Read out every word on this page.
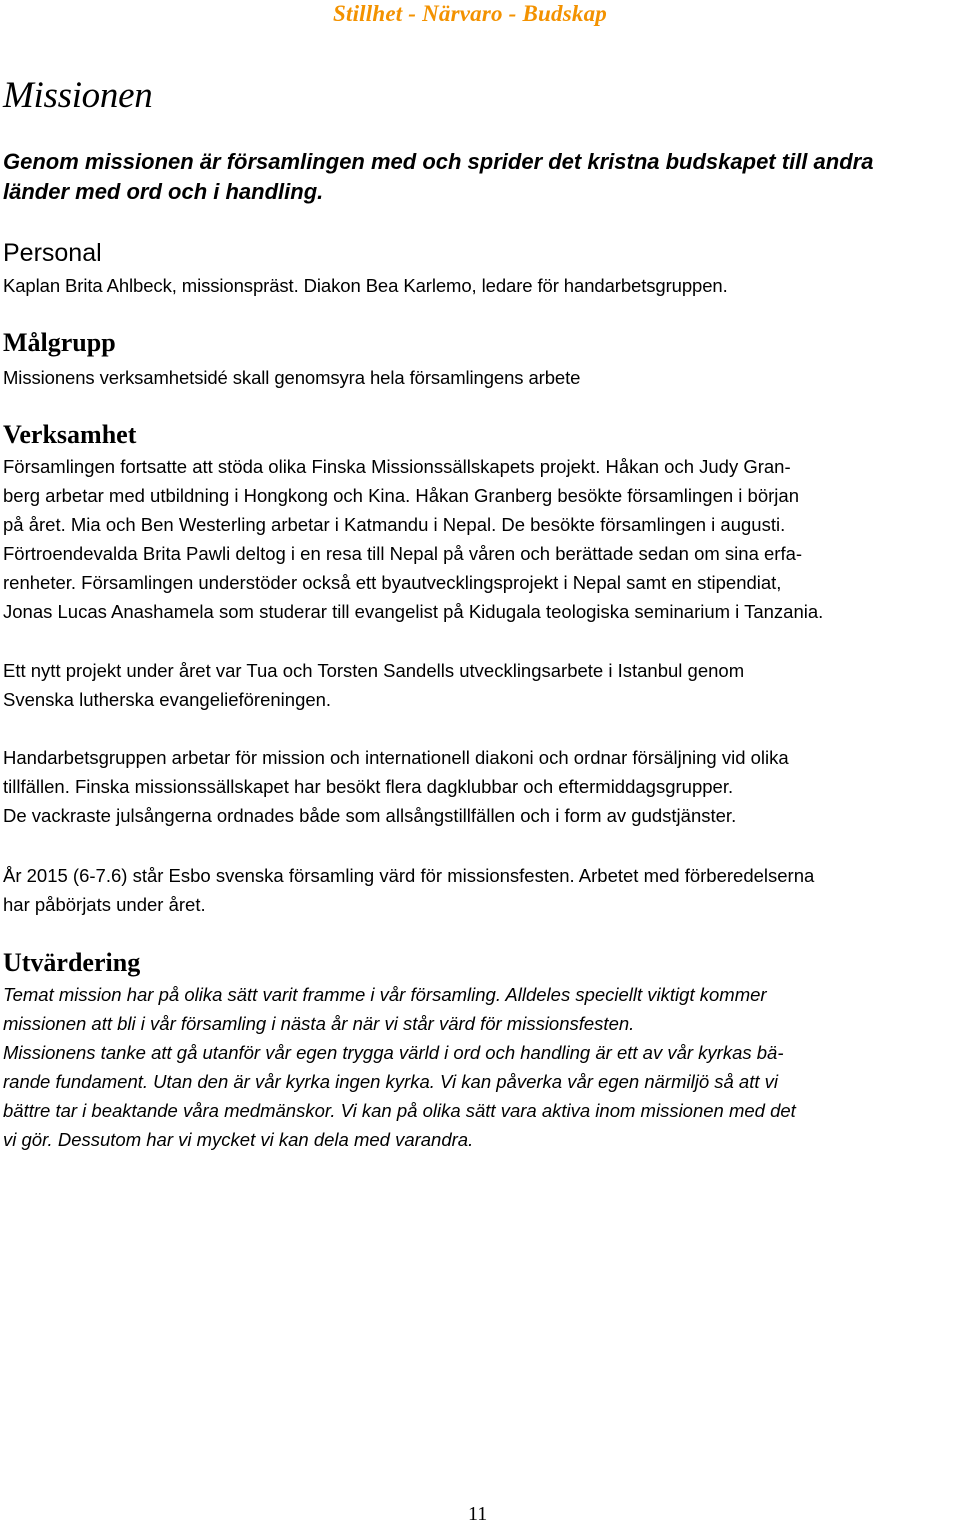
Stillhet - Närvaro - Budskap
Missionen
Genom missionen är församlingen med och sprider det kristna budskapet till andra
länder med ord och i handling.
Personal
Kaplan Brita Ahlbeck, missionspräst. Diakon Bea Karlemo, ledare för handarbetsgruppen.
Målgrupp
Missionens verksamhetsidé skall genomsyra hela församlingens arbete
Verksamhet
Församlingen fortsatte att stöda olika Finska Missionssällskapets projekt. Håkan och Judy Gran-
berg arbetar med utbildning i Hongkong och Kina. Håkan Granberg besökte församlingen i början
på året. Mia och Ben Westerling arbetar i Katmandu i Nepal. De besökte församlingen i augusti.
Förtroendevalda Brita Pawli deltog i en resa till Nepal på våren och berättade sedan om sina erfa-
renheter. Församlingen understöder också ett byautvecklingsprojekt i Nepal samt en stipendiat,
Jonas Lucas Anashamela som studerar till evangelist på Kidugala teologiska seminarium i Tanzania.
Ett nytt projekt under året var Tua och Torsten Sandells utvecklingsarbete i Istanbul genom
Svenska lutherska evangelieföreningen.
Handarbetsgruppen arbetar för mission och internationell diakoni och ordnar försäljning vid olika
tillfällen. Finska missionssällskapet har besökt flera dagklubbar och eftermiddagsgrupper.
De vackraste julsångerna ordnades både som allsångstillfällen och i form av gudstjänster.
År 2015 (6-7.6) står Esbo svenska församling värd för missionsfesten. Arbetet med förberedelserna
har påbörjats under året.
Utvärdering
Temat mission har på olika sätt varit framme i vår församling. Alldeles speciellt viktigt kommer
missionen att bli i vår församling i nästa år när vi står värd för missionsfesten.
Missionens tanke att gå utanför vår egen trygga värld i ord och handling är ett av vår kyrkas bä-
rande fundament. Utan den är vår kyrka ingen kyrka. Vi kan påverka vår egen närmiljö så att vi
bättre tar i beaktande våra medmänskor. Vi kan på olika sätt vara aktiva inom missionen med det
vi gör. Dessutom har vi mycket vi kan dela med varandra.
11
